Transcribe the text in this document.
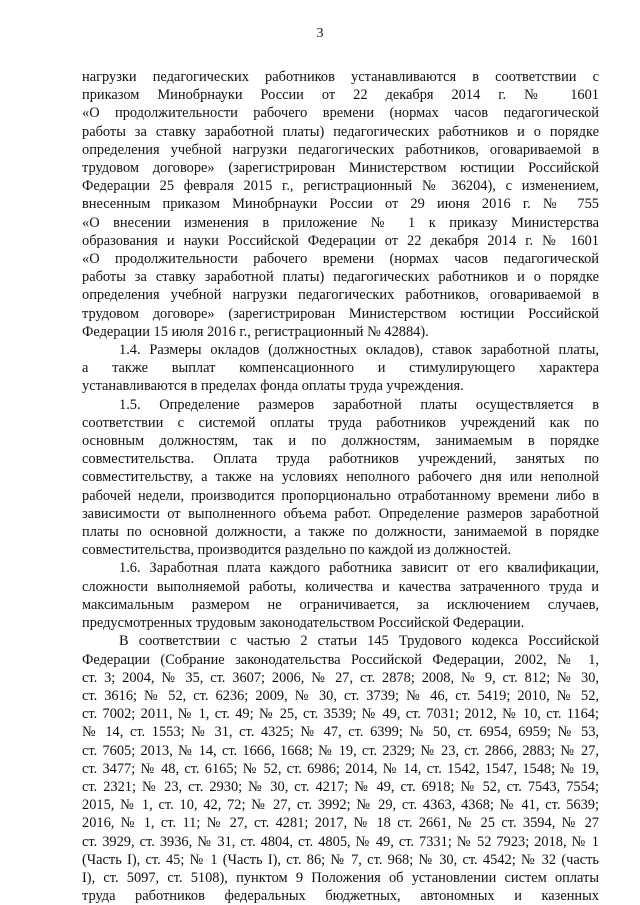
3
нагрузки педагогических работников устанавливаются в соответствии с
приказом Минобрнауки России от 22 декабря 2014 г. № 1601
«О продолжительности рабочего времени (нормах часов педагогической
работы за ставку заработной платы) педагогических работников и о порядке
определения учебной нагрузки педагогических работников, оговариваемой в
трудовом договоре» (зарегистрирован Министерством юстиции Российской
Федерации 25 февраля 2015 г., регистрационный № 36204), с изменением,
внесенным приказом Минобрнауки России от 29 июня 2016 г. № 755
«О внесении изменения в приложение № 1 к приказу Министерства
образования и науки Российской Федерации от 22 декабря 2014 г. № 1601
«О продолжительности рабочего времени (нормах часов педагогической
работы за ставку заработной платы) педагогических работников и о порядке
определения учебной нагрузки педагогических работников, оговариваемой в
трудовом договоре» (зарегистрирован Министерством юстиции Российской
Федерации 15 июля 2016 г., регистрационный № 42884).
1.4. Размеры окладов (должностных окладов), ставок заработной платы,
а также выплат компенсационного и стимулирующего характера
устанавливаются в пределах фонда оплаты труда учреждения.
1.5. Определение размеров заработной платы осуществляется в
соответствии с системой оплаты труда работников учреждений как по
основным должностям, так и по должностям, занимаемым в порядке
совместительства. Оплата труда работников учреждений, занятых по
совместительству, а также на условиях неполного рабочего дня или неполной
рабочей недели, производится пропорционально отработанному времени либо в
зависимости от выполненного объема работ. Определение размеров заработной
платы по основной должности, а также по должности, занимаемой в порядке
совместительства, производится раздельно по каждой из должностей.
1.6. Заработная плата каждого работника зависит от его квалификации,
сложности выполняемой работы, количества и качества затраченного труда и
максимальным размером не ограничивается, за исключением случаев,
предусмотренных трудовым законодательством Российской Федерации.
В соответствии с частью 2 статьи 145 Трудового кодекса Российской
Федерации (Собрание законодательства Российской Федерации, 2002, № 1,
ст. 3; 2004, № 35, ст. 3607; 2006, № 27, ст. 2878; 2008, № 9, ст. 812; № 30,
ст. 3616; № 52, ст. 6236; 2009, № 30, ст. 3739; № 46, ст. 5419; 2010, № 52,
ст. 7002; 2011, № 1, ст. 49; № 25, ст. 3539; № 49, ст. 7031; 2012, № 10, ст. 1164;
№ 14, ст. 1553; № 31, ст. 4325; № 47, ст. 6399; № 50, ст. 6954, 6959; № 53,
ст. 7605; 2013, № 14, ст. 1666, 1668; № 19, ст. 2329; № 23, ст. 2866, 2883; № 27,
ст. 3477; № 48, ст. 6165; № 52, ст. 6986; 2014, № 14, ст. 1542, 1547, 1548; № 19,
ст. 2321; № 23, ст. 2930; № 30, ст. 4217; № 49, ст. 6918; № 52, ст. 7543, 7554;
2015, № 1, ст. 10, 42, 72; № 27, ст. 3992; № 29, ст. 4363, 4368; № 41, ст. 5639;
2016, № 1, ст. 11; № 27, ст. 4281; 2017, № 18 ст. 2661, № 25 ст. 3594, № 27
ст. 3929, ст. 3936, № 31, ст. 4804, ст. 4805, № 49, ст. 7331; № 52 7923; 2018, № 1
(Часть I), ст. 45; № 1 (Часть I), ст. 86; № 7, ст. 968; № 30, ст. 4542; № 32 (часть
I), ст. 5097, ст. 5108), пунктом 9 Положения об установлении систем оплаты
труда работников федеральных бюджетных, автономных и казенных
